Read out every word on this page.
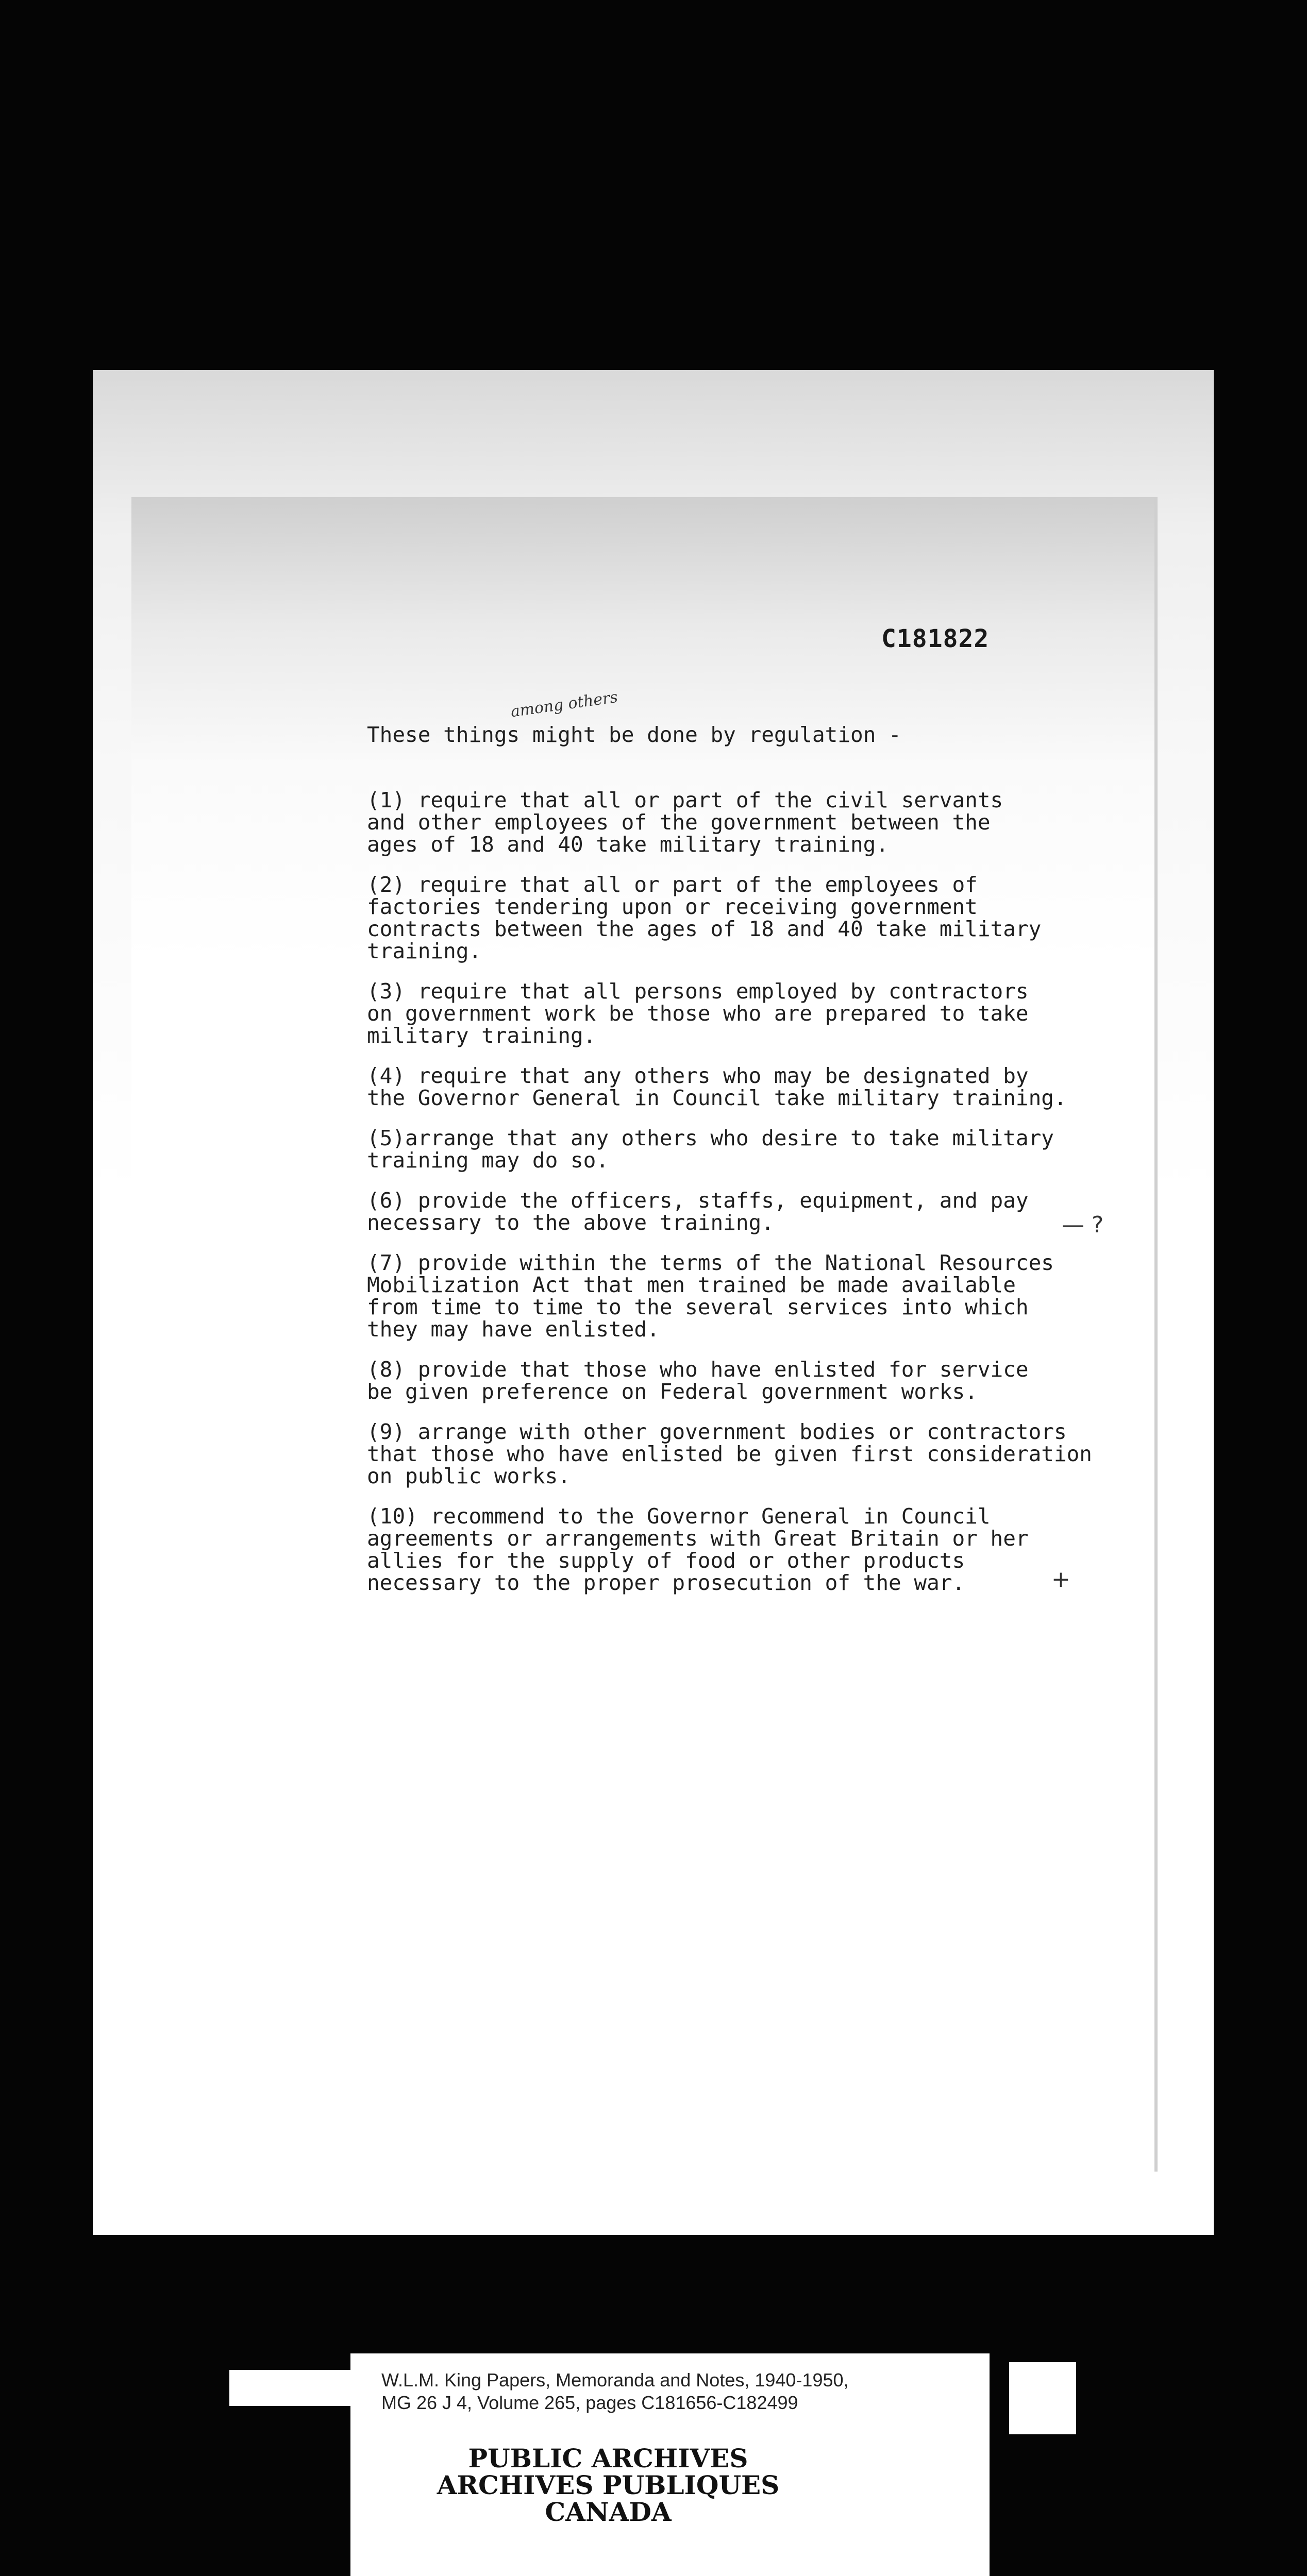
C181822
among others
These things might be done by regulation -

(1) require that all or part of the civil servants
and other employees of the government between the
ages of 18 and 40 take military training.

(2) require that all or part of the employees of
factories tendering upon or receiving government
contracts between the ages of 18 and 40 take military
training.

(3) require that all persons employed by contractors
on government work be those who are prepared to take
military training.

(4) require that any others who may be designated by
the Governor General in Council take military training.

(5)arrange that any others who desire to take military
training may do so.

(6) provide the officers, staffs, equipment, and pay
necessary to the above training.

(7) provide within the terms of the National Resources
Mobilization Act that men trained be made available
from time to time to the several services into which
they may have enlisted.

(8) provide that those who have enlisted for service
be given preference on Federal government works.

(9) arrange with other government bodies or contractors
that those who have enlisted be given first consideration
on public works.

(10) recommend to the Governor General in Council
agreements or arrangements with Great Britain or her
allies for the supply of food or other products
necessary to the proper prosecution of the war.

— ?
+

W.L.M. King Papers, Memoranda and Notes, 1940-1950,
MG 26 J 4, Volume 265, pages C181656-C182499

PUBLIC ARCHIVES
ARCHIVES PUBLIQUES
CANADA
